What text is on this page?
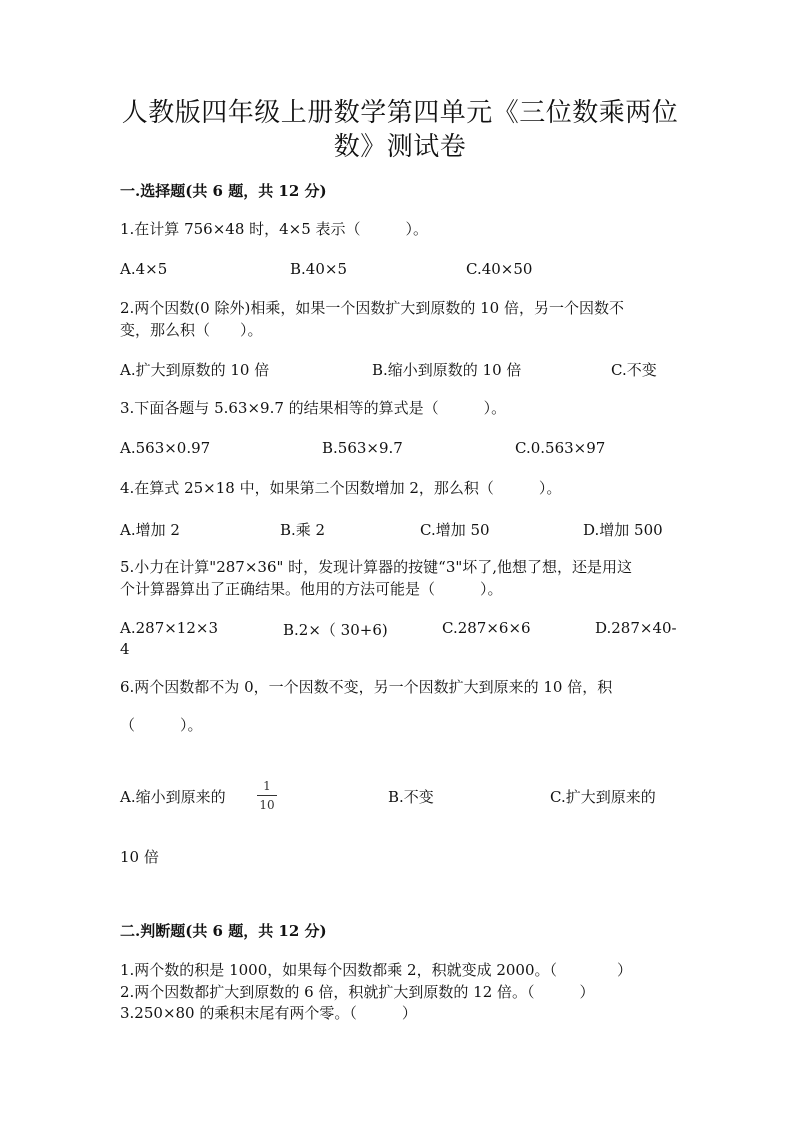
人教版四年级上册数学第四单元《三位数乘两位
数》测试卷
一.选择题(共 6 题，共 12 分)
1.在计算 756×48 时，4×5 表示（　　　）。
A.4×5	B.40×5	C.40×50
2.两个因数(0 除外)相乘，如果一个因数扩大到原数的 10 倍，另一个因数不
变，那么积（　　）。
A.扩大到原数的 10 倍	B.缩小到原数的 10 倍	C.不变
3.下面各题与 5.63×9.7 的结果相等的算式是（　　　）。
A.563×0.97	B.563×9.7	C.0.563×97
4.在算式 25×18 中，如果第二个因数增加 2，那么积（　　　）。
A.增加 2	B.乘 2	C.增加 50	D.增加 500
5.小力在计算"287×36" 时，发现计算器的按键“3"坏了,他想了想，还是用这
个计算器算出了正确结果。他用的方法可能是（　　　）。
A.287×12×3	B.2×（ 30+6)	C.287×6×6	D.287×40-
4
6.两个因数都不为 0，一个因数不变，另一个因数扩大到原来的 10 倍，积
（　　　）。
A.缩小到原来的
1
10	B.不变	C.扩大到原来的
10 倍
二.判断题(共 6 题，共 12 分)
1.两个数的积是 1000，如果每个因数都乘 2，积就变成 2000。（　　　　）
2.两个因数都扩大到原数的 6 倍，积就扩大到原数的 12 倍。（　　　）
3.250×80 的乘积末尾有两个零。（　　　）
